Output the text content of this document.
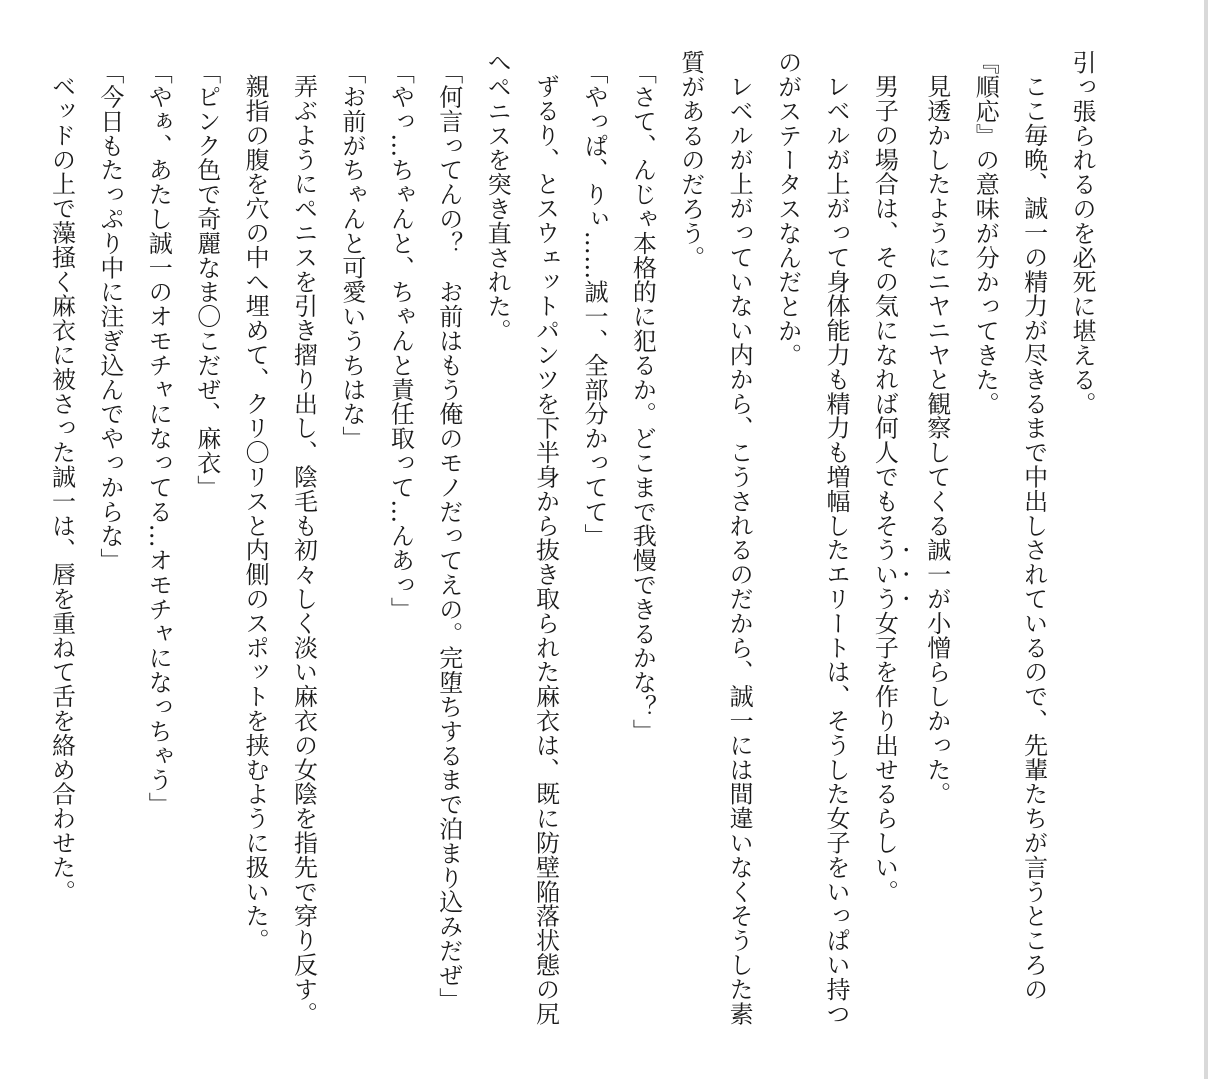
引っ張られるのを必死に堪える。
ここ毎晩、誠一の精力が尽きるまで中出しされているので、先輩たちが言うところの
『順応』の意味が分かってきた。
見透かしたようにニヤニヤと観察してくる誠一が小憎らしかった。
男子の場合は、その気になれば何人でもそういう女子を作り出せるらしい。
レベルが上がって身体能力も精力も増幅したエリートは、そうした女子をいっぱい持つ
のがステータスなんだとか。
レベルが上がっていない内から、こうされるのだから、誠一には間違いなくそうした素
質があるのだろう。
「さて、んじゃ本格的に犯るか。どこまで我慢できるかな？」
「やっぱ、りぃ……誠一、全部分かってて」
ずるり、とスウェットパンツを下半身から抜き取られた麻衣は、既に防壁陥落状態の尻
へペニスを突き直された。
「何言ってんの？　お前はもう俺のモノだってえの。完堕ちするまで泊まり込みだぜ」
「やっ…ちゃんと、ちゃんと責任取って…んあっ」
「お前がちゃんと可愛いうちはな」
弄ぶようにペニスを引き摺り出し、陰毛も初々しく淡い麻衣の女陰を指先で穿り反す。
親指の腹を穴の中へ埋めて、クリ〇リスと内側のスポットを挟むように扱いた。
「ピンク色で奇麗なま〇こだぜ、麻衣」
「やぁ、あたし誠一のオモチャになってる…オモチャになっちゃう」
「今日もたっぷり中に注ぎ込んでやっからな」
ベッドの上で藻掻く麻衣に被さった誠一は、唇を重ねて舌を絡め合わせた。
